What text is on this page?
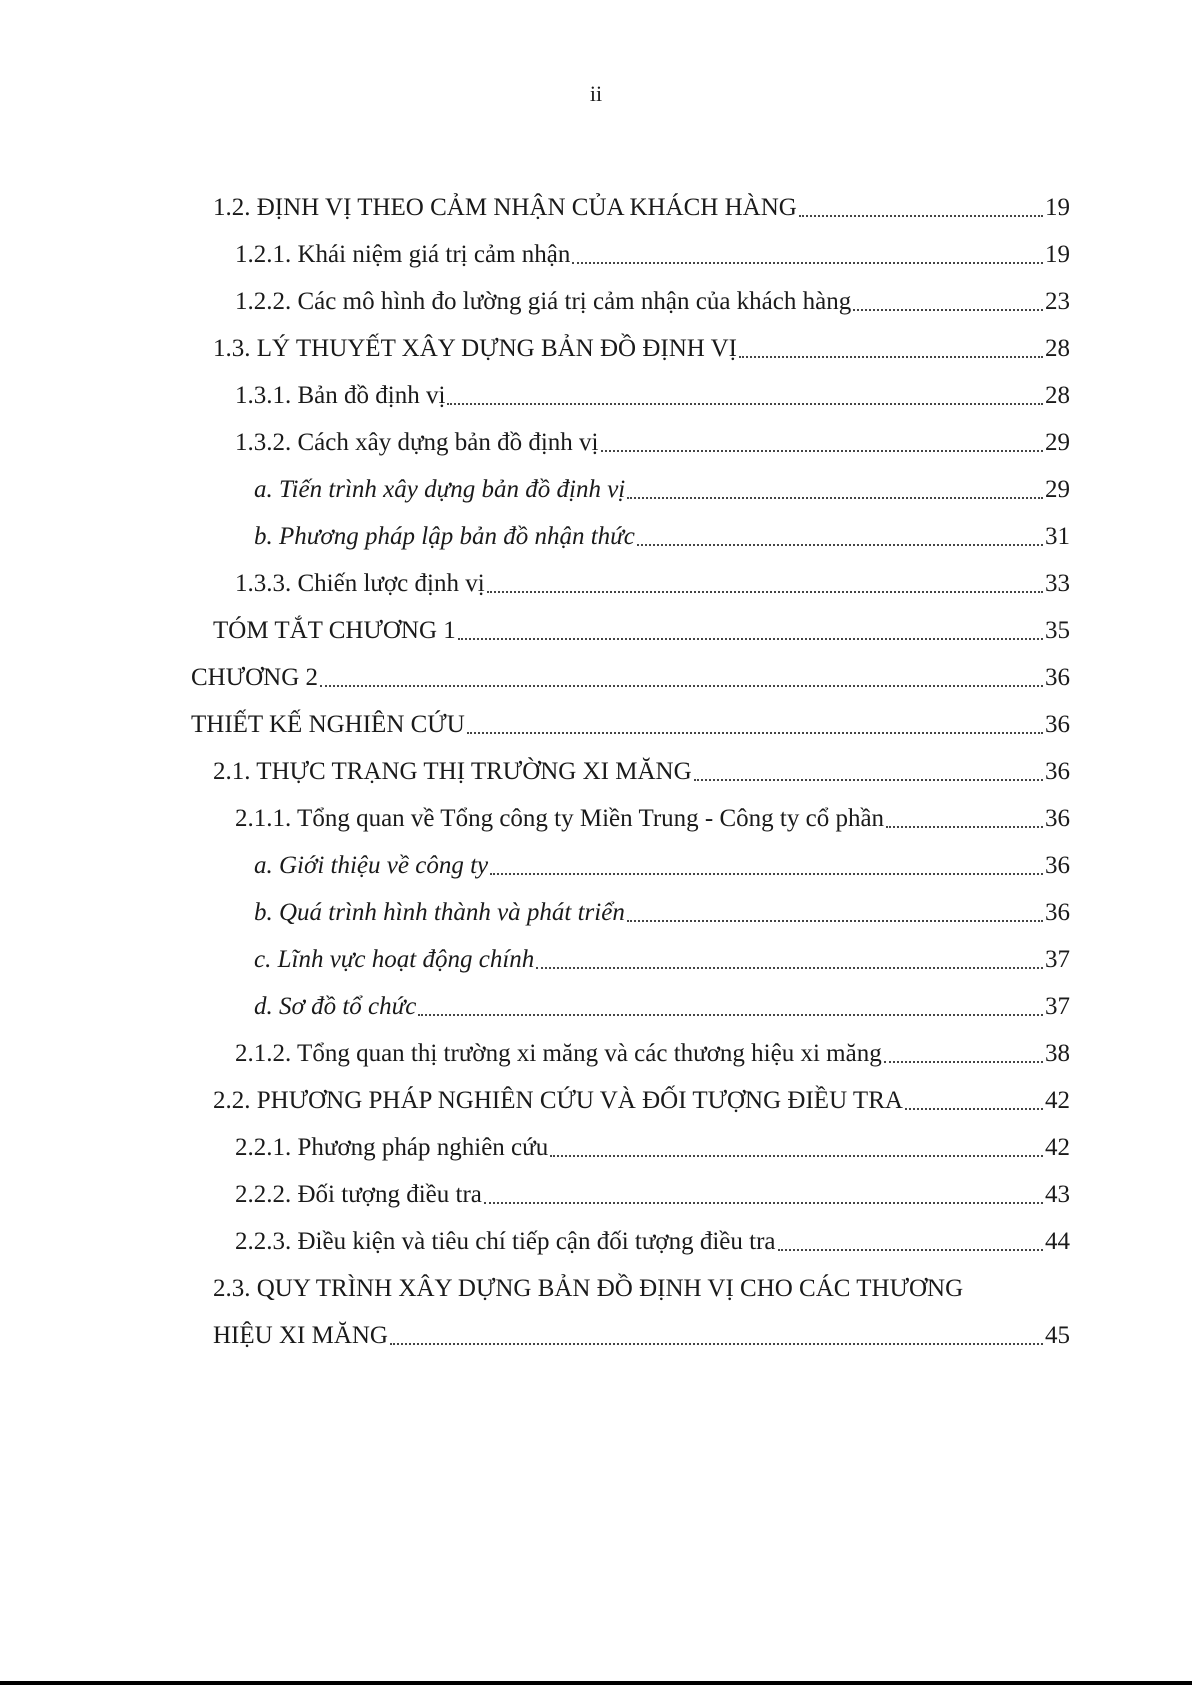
ii
1.2. ĐỊNH VỊ THEO CẢM NHẬN CỦA KHÁCH HÀNG	19
1.2.1. Khái niệm giá trị cảm nhận	19
1.2.2. Các mô hình đo lường giá trị cảm nhận của khách hàng	23
1.3. LÝ THUYẾT XÂY DỰNG BẢN ĐỒ ĐỊNH VỊ	28
1.3.1. Bản đồ định vị	28
1.3.2. Cách xây dựng bản đồ định vị	29
a. Tiến trình xây dựng bản đồ định vị	29
b. Phương pháp lập bản đồ nhận thức	31
1.3.3. Chiến lược định vị	33
TÓM TẮT CHƯƠNG 1	35
CHƯƠNG 2	36
THIẾT KẾ NGHIÊN CỨU	36
2.1. THỰC TRẠNG THỊ TRƯỜNG XI MĂNG	36
2.1.1. Tổng quan về Tổng công ty Miền Trung - Công ty cổ phần	36
a. Giới thiệu về công ty	36
b. Quá trình hình thành và phát triển	36
c. Lĩnh vực hoạt động chính	37
d. Sơ đồ tổ chức	37
2.1.2. Tổng quan thị trường xi măng và các thương hiệu xi măng	38
2.2. PHƯƠNG PHÁP NGHIÊN CỨU VÀ ĐỐI TƯỢNG ĐIỀU TRA	42
2.2.1. Phương pháp nghiên cứu	42
2.2.2. Đối tượng điều tra	43
2.2.3. Điều kiện và tiêu chí tiếp cận đối tượng điều tra	44
2.3. QUY TRÌNH XÂY DỰNG BẢN ĐỒ ĐỊNH VỊ CHO CÁC THƯƠNG
HIỆU XI MĂNG	45
